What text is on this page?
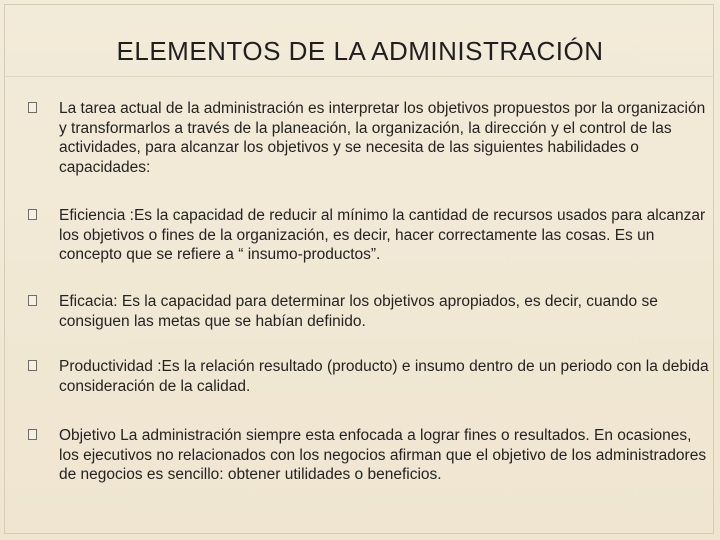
ELEMENTOS DE LA ADMINISTRACIÓN

La tarea actual de la administración es interpretar los objetivos propuestos por la organización y transformarlos a través de la planeación, la organización, la dirección y el control de las actividades, para alcanzar los objetivos y se necesita de las siguientes habilidades o capacidades:

Eficiencia :Es la capacidad de reducir al mínimo la cantidad de recursos usados para alcanzar los objetivos o fines de la organización, es decir, hacer correctamente las cosas. Es un concepto que se refiere a “ insumo-productos”.

Eficacia: Es la capacidad para determinar los objetivos apropiados, es decir, cuando se consiguen las metas que se habían definido.

Productividad :Es la relación resultado (producto) e insumo dentro de un periodo con la debida consideración de la calidad.

Objetivo La administración siempre esta enfocada a lograr fines o resultados. En ocasiones, los ejecutivos no relacionados con los negocios afirman que el objetivo de los administradores de negocios es sencillo: obtener utilidades o beneficios.
